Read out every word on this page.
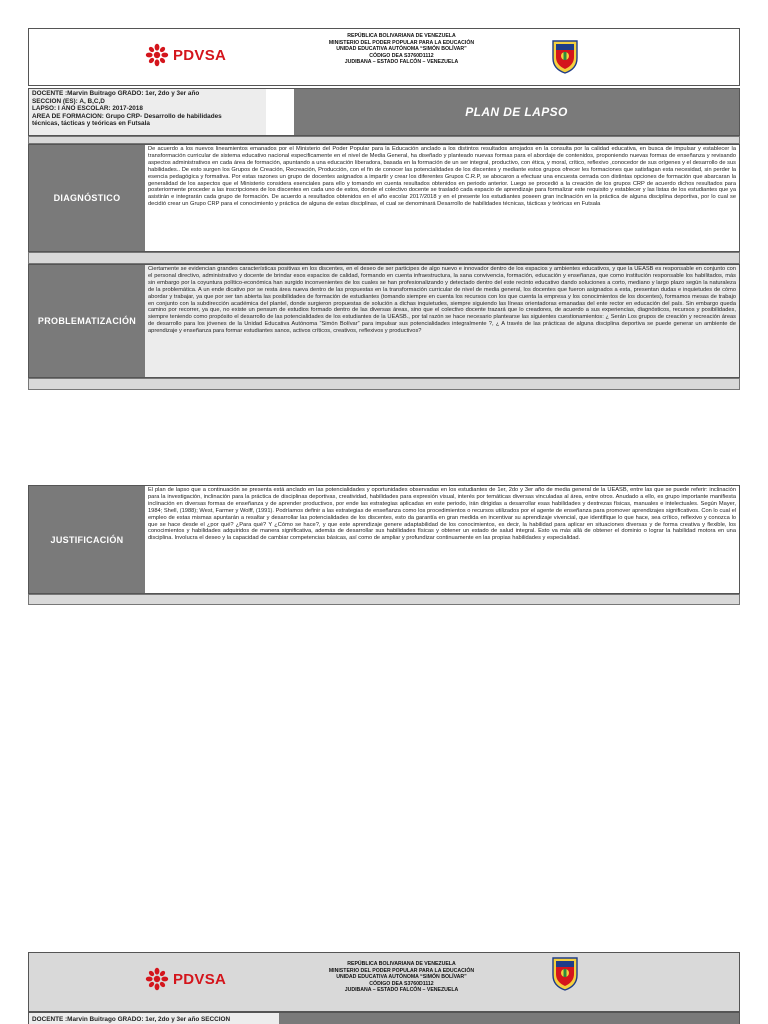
PDVSA
REPÚBLICA BOLIVARIANA DE VENEZUELA
MINISTERIO DEL PODER POPULAR PARA LA EDUCACIÓN
UNIDAD EDUCATIVA AUTÓNOMA “SIMÓN BOLÍVAR”
CÓDIGO DEA S3760D1112
JUDIBANA – ESTADO FALCÓN – VENEZUELA
DOCENTE :Marvin Buitrago GRADO: 1er, 2do y 3er año
SECCION (ES): A, B,C,D
LAPSO: I AÑO ESCOLAR: 2017-2018
AREA DE FORMACION: Grupo CRP- Desarrollo de habilidades
técnicas, tácticas y teóricas en Futsala
PLAN DE LAPSO
DIAGNÓSTICO
De acuerdo a los nuevos lineamientos emanados por el Ministerio del Poder Popular para la Educación anclado a los distintos resultados arrojados en la consulta por la calidad educativa, en busca de impulsar y establecer la transformación curricular de sistema educativo nacional especificamente en el nivel de Media General, ha diseñado y planteado nuevas formas para el abordaje de contenidos, proponiendo nuevas formas de enseñanza y revisando aspectos administrativos en cada área de formación, apuntando a una educación liberadora, basada en la formación de un ser integral, productivo, con ética, y moral, crítico, reflexivo ,conocedor de sus orígenes y el desarrollo de sus habilidades.. De esto surgen los Grupos de Creación, Recreación, Producción, con el fin de conocer las potencialidades de los discentes y mediante estos grupos ofrecer les formaciones que satisfagan esta necesidad, sin perder la esencia pedagógica y formativa. Por estas razones un grupo de docentes asignados a impartir y crear los diferentes Grupos C.R.P, se abocaron a efectuar una encuesta cerrada con distintas opciones de formación que abarcaran la generalidad de los aspectos que el Ministerio considera esenciales para ello y tomando en cuenta resultados obtenidos en periodo anterior. Luego se procedió a la creación de los grupos CRP de acuerdo dichos resultados para posteriormente proceder a las inscripciones de los discentes en cada uno de estos, donde el colectivo docente se trasladó cada espacio de aprendizaje para formalizar este requisito y establecer y las listas de los estudiantes que ya asistirán e integrarán cada grupo de formación. De acuerdo a resultados obtenidos en el año escolar 2017/2018 y en el presente los estudiantes poseen gran inclinación en la práctica de alguna disciplina deportiva, por lo cual se decidió crear un Grupo CRP para el conocimiento y práctica de alguna de estas disciplinas, el cual se denominará Desarrollo de habilidades técnicas, tácticas y teóricas en Futsala
PROBLEMATIZACIÓN
Ciertamente se evidencian grandes características positivas en los discentes, en el deseo de ser participes de algo nuevo e innovador dentro de los espacios y ambientes educativos, y que la UEASB es responsable en conjunto con el personal directivo, administrativo y docente de brindar esos espacios de calidad, formando en cuenta infraestructura, la sana convivencia, formación, educación y enseñanza, que como institución responsable los habilitados, más sin embargo por la coyuntura político-económica han surgido inconvenientes de los cuales se han profesionalizando y detectado dentro del este recinto educativo dando soluciones a corto, mediano y largo plazo según la naturaleza de la problemática. A un ende dicativo por se resta área nueva dentro de las propuestas en la transformación curricular de nivel de media general, los docentes que fueron asignados a esta, presentan dudas e inquietudes de cómo abordar y trabajar, ya que por ser tan abierta las posibilidades de formación de estudiantes (tomando siempre en cuenta los recursos con los que cuenta la empresa y los conocimientos de los docentes), formamos mesas de trabajo en conjunto con la subdirección académica del plantel, donde surgieron propuestas de solución a dichas inquietudes, siempre siguiendo las líneas orientadoras emanadas del ente rector en educación del país. Sin embargo queda camino por recorrer, ya que, no existe un pensum de estudios formado dentro de las diversas áreas, sino que el colectivo docente trazará que lo creadores, de acuerdo a sus experiencias, diagnósticos, recursos y posibilidades, siempre teniendo como propósito el desarrollo de las potencialidades de los estudiantes de la UEASB., por tal razón se hace necesario plantearse las siguientes cuestionamientos: ¿ Serán Los grupos de creación y recreación áreas de desarrollo para los jóvenes de la Unidad Educativa Autónoma “Simón Bolívar” para impulsar sus potencialidades integralmente ?, ¿ A través de las prácticas de alguna disciplina deportiva se puede generar un ambiente de aprendizaje y enseñanza para formar estudiantes sanos, activos críticos, creativos, reflexivos y productivos?
JUSTIFICACIÓN
El plan de lapso que a continuación se presenta está anclado en las potencialidades y oportunidades observadas en los estudiantes de 1er, 2do y 3er año de media general de la UEASB, entre las que se puede referir: inclinación para la investigación, inclinación para la práctica de disciplinas deportivas, creatividad, habilidades para expresión visual, interés por temáticas diversas vinculadas al área, entre otros. Anudado a ello, es grupo importante manifiesta inclinación en diversas formas de enseñanza y de aprender productivos, por ende las estrategias aplicadas en este periodo, irán dirigidas a desarrollar esas habilidades y destrezas físicas, manuales e intelectuales. Según Mayer, 1984; Shell, (1988); West, Farmer y Wolff, (1991). Podríamos definir a las estrategias de enseñanza como los procedimientos o recursos utilizados por el agente de enseñanza para promover aprendizajes significativos. Con lo cual el empleo de estas mismas apuntarán a resaltar y desarrollar las potencialidades de los discentes, esto da garantía en gran medida en incentivar su aprendizaje vivencial, que identifique lo que hace, sea crítico, reflexivo y conozca lo que se hace desde el ¿por qué? ¿Para qué? Y ¿Cómo se hace?, y que este aprendizaje genere adaptabilidad de los conocimientos, es decir, la habilidad para aplicar en situaciones diversas y de forma creativa y flexible, los conocimientos y habilidades adquiridos de manera significativa, además de desarrollar sus habilidades físicas y obtener un estado de salud integral. Esto va más allá de obtener el dominio o lograr la habilidad motora en una disciplina. Involucra el deseo y la capacidad de cambiar competencias básicas, así como de ampliar y profundizar continuamente en las propias habilidades y especialidad.
PDVSA
REPÚBLICA BOLIVARIANA DE VENEZUELA
MINISTERIO DEL PODER POPULAR PARA LA EDUCACIÓN
UNIDAD EDUCATIVA AUTÓNOMA “SIMÓN BOLÍVAR”
CÓDIGO DEA S3760D1112
JUDIBANA – ESTADO FALCÓN – VENEZUELA
DOCENTE :Marvin Buitrago GRADO: 1er, 2do y 3er año SECCION
